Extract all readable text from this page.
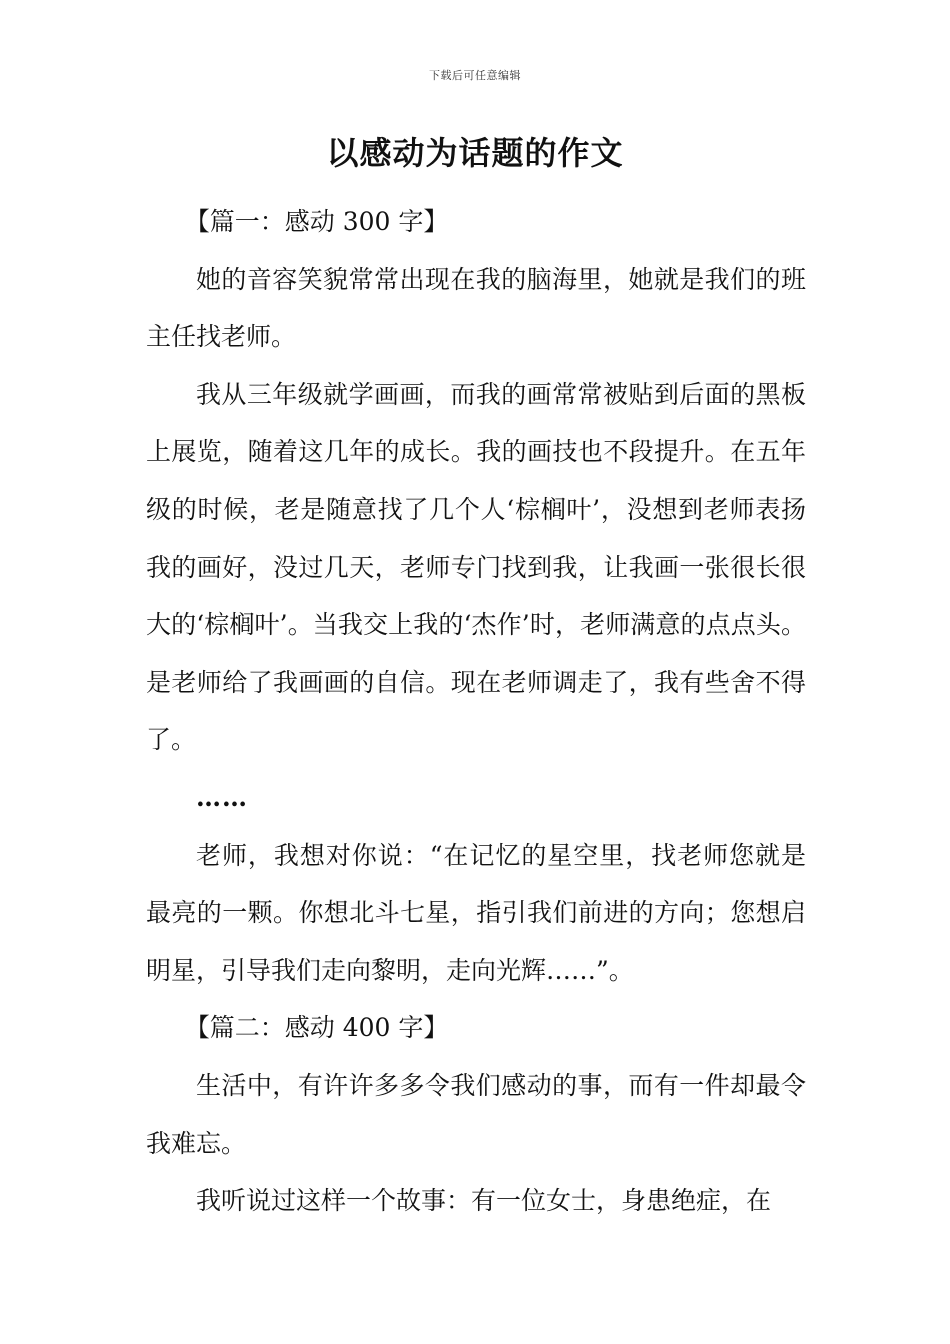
下载后可任意编辑
以感动为话题的作文

【篇一：感动 300 字】

她的音容笑貌常常出现在我的脑海里，她就是我们的班主任找老师。

我从三年级就学画画，而我的画常常被贴到后面的黑板上展览，随着这几年的成长。我的画技也不段提升。在五年级的时候，老是随意找了几个人‘棕榈叶’，没想到老师表扬我的画好，没过几天，老师专门找到我，让我画一张很长很大的‘棕榈叶’。当我交上我的‘杰作’时，老师满意的点点头。是老师给了我画画的自信。现在老师调走了，我有些舍不得了。

……

老师，我想对你说：“在记忆的星空里，找老师您就是最亮的一颗。你想北斗七星，指引我们前进的方向；您想启明星，引导我们走向黎明，走向光辉……”。

【篇二：感动 400 字】

生活中，有许许多多令我们感动的事，而有一件却最令我难忘。

我听说过这样一个故事：有一位女士，身患绝症，在
